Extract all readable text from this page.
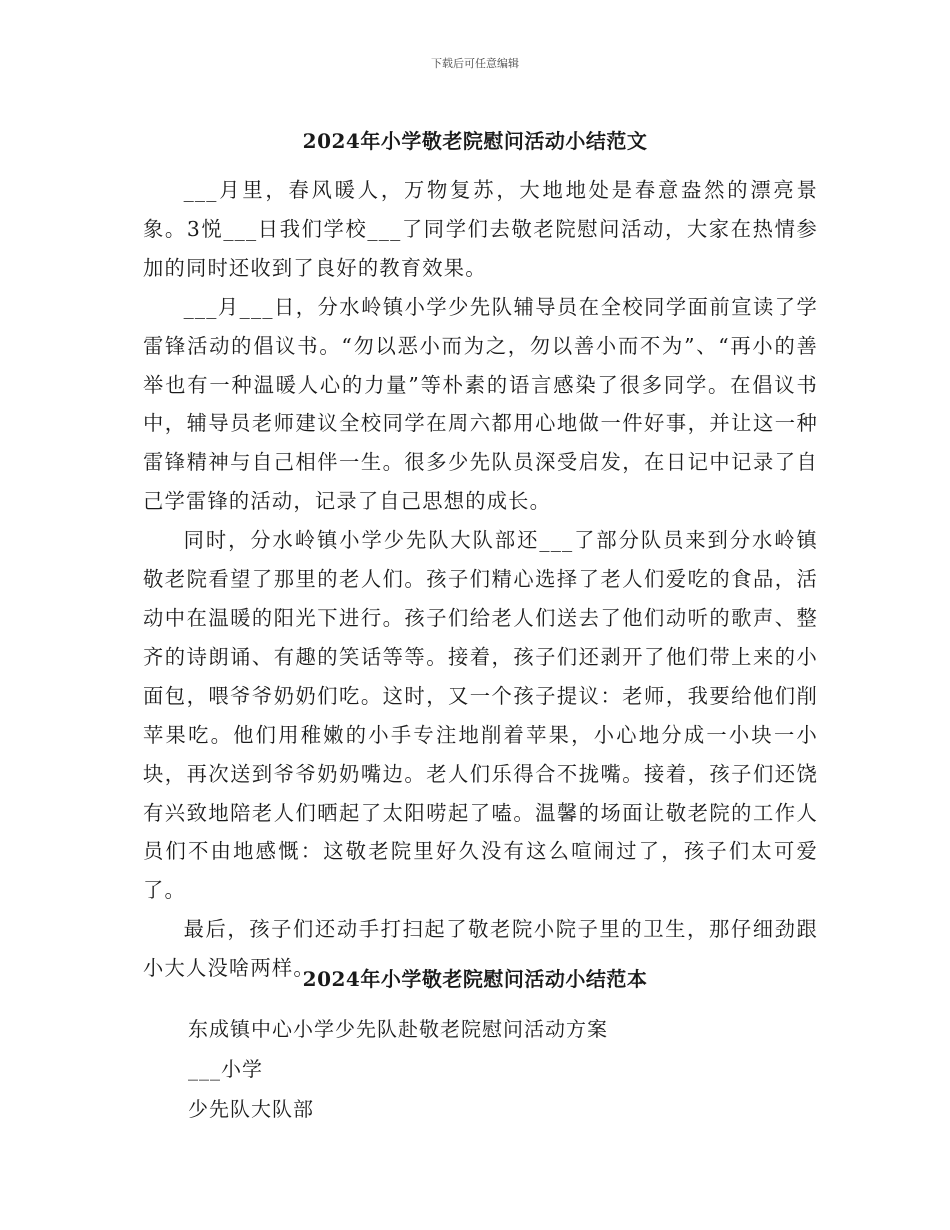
下载后可任意编辑
2024年小学敬老院慰问活动小结范文

___月里，春风暖人，万物复苏，大地地处是春意盎然的漂亮景象。3悦___日我们学校___了同学们去敬老院慰问活动，大家在热情参加的同时还收到了良好的教育效果。

___月___日，分水岭镇小学少先队辅导员在全校同学面前宣读了学雷锋活动的倡议书。“勿以恶小而为之，勿以善小而不为”、“再小的善举也有一种温暖人心的力量”等朴素的语言感染了很多同学。在倡议书中，辅导员老师建议全校同学在周六都用心地做一件好事，并让这一种雷锋精神与自己相伴一生。很多少先队员深受启发，在日记中记录了自己学雷锋的活动，记录了自己思想的成长。

同时，分水岭镇小学少先队大队部还___了部分队员来到分水岭镇敬老院看望了那里的老人们。孩子们精心选择了老人们爱吃的食品，活动中在温暖的阳光下进行。孩子们给老人们送去了他们动听的歌声、整齐的诗朗诵、有趣的笑话等等。接着，孩子们还剥开了他们带上来的小面包，喂爷爷奶奶们吃。这时，又一个孩子提议：老师，我要给他们削苹果吃。他们用稚嫩的小手专注地削着苹果，小心地分成一小块一小块，再次送到爷爷奶奶嘴边。老人们乐得合不拢嘴。接着，孩子们还饶有兴致地陪老人们晒起了太阳唠起了嗑。温馨的场面让敬老院的工作人员们不由地感慨：这敬老院里好久没有这么喧闹过了，孩子们太可爱了。

最后，孩子们还动手打扫起了敬老院小院子里的卫生，那仔细劲跟小大人没啥两样。

2024年小学敬老院慰问活动小结范本
东成镇中心小学少先队赴敬老院慰问活动方案
___小学
少先队大队部
